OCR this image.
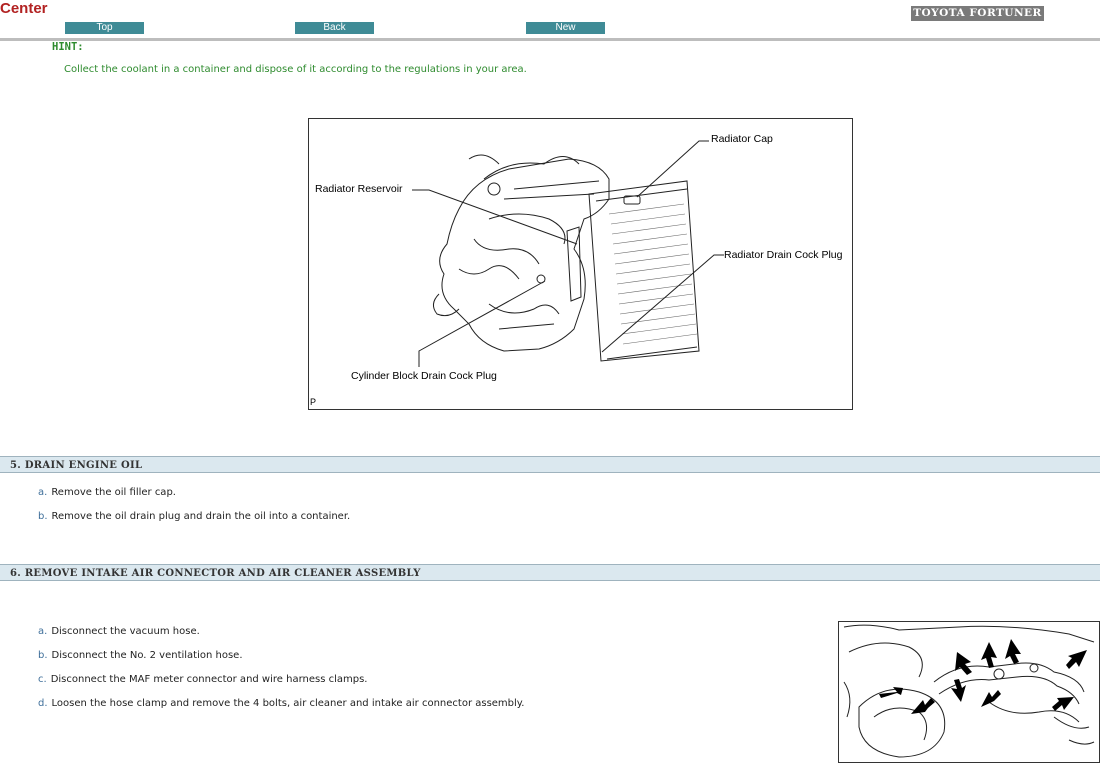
Center
Top	Back	New
TOYOTA FORTUNER
HINT:
Collect the coolant in a container and dispose of it according to the regulations in your area.
Radiator Cap
Radiator Reservoir
Radiator Drain Cock Plug
Cylinder Block Drain Cock Plug
P
5. DRAIN ENGINE OIL
a. Remove the oil filler cap.
b. Remove the oil drain plug and drain the oil into a container.
6. REMOVE INTAKE AIR CONNECTOR AND AIR CLEANER ASSEMBLY
a. Disconnect the vacuum hose.
b. Disconnect the No. 2 ventilation hose.
c. Disconnect the MAF meter connector and wire harness clamps.
d. Loosen the hose clamp and remove the 4 bolts, air cleaner and intake air connector assembly.
